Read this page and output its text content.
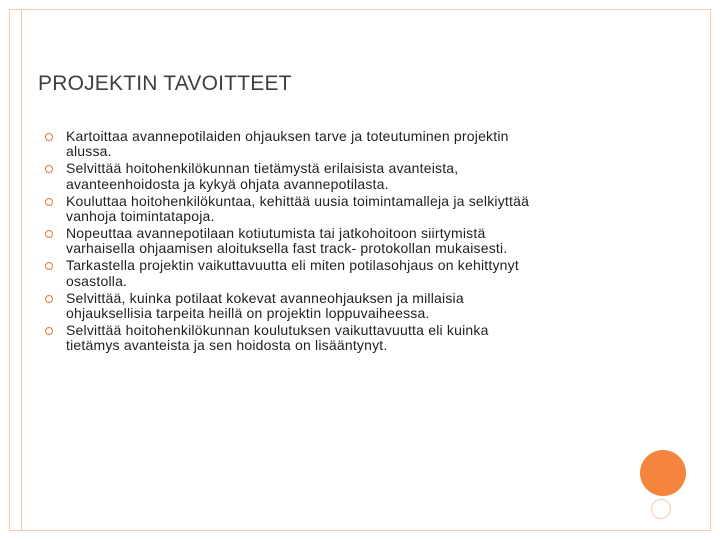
PROJEKTIN TAVOITTEET
Kartoittaa avannepotilaiden ohjauksen tarve ja toteutuminen projektin
alussa.
Selvittää hoitohenkilökunnan tietämystä erilaisista avanteista,
avanteenhoidosta ja kykyä ohjata avannepotilasta.
Kouluttaa hoitohenkilökuntaa, kehittää uusia toimintamalleja ja selkiyttää
vanhoja toimintatapoja.
Nopeuttaa avannepotilaan kotiutumista tai jatkohoitoon siirtymistä
varhaisella ohjaamisen aloituksella fast track- protokollan mukaisesti.
Tarkastella projektin vaikuttavuutta eli miten potilasohjaus on kehittynyt
osastolla.
Selvittää, kuinka potilaat kokevat avanneohjauksen ja millaisia
ohjauksellisia tarpeita heillä on projektin loppuvaiheessa.
Selvittää hoitohenkilökunnan koulutuksen vaikuttavuutta eli kuinka
tietämys avanteista ja sen hoidosta on lisääntynyt.
